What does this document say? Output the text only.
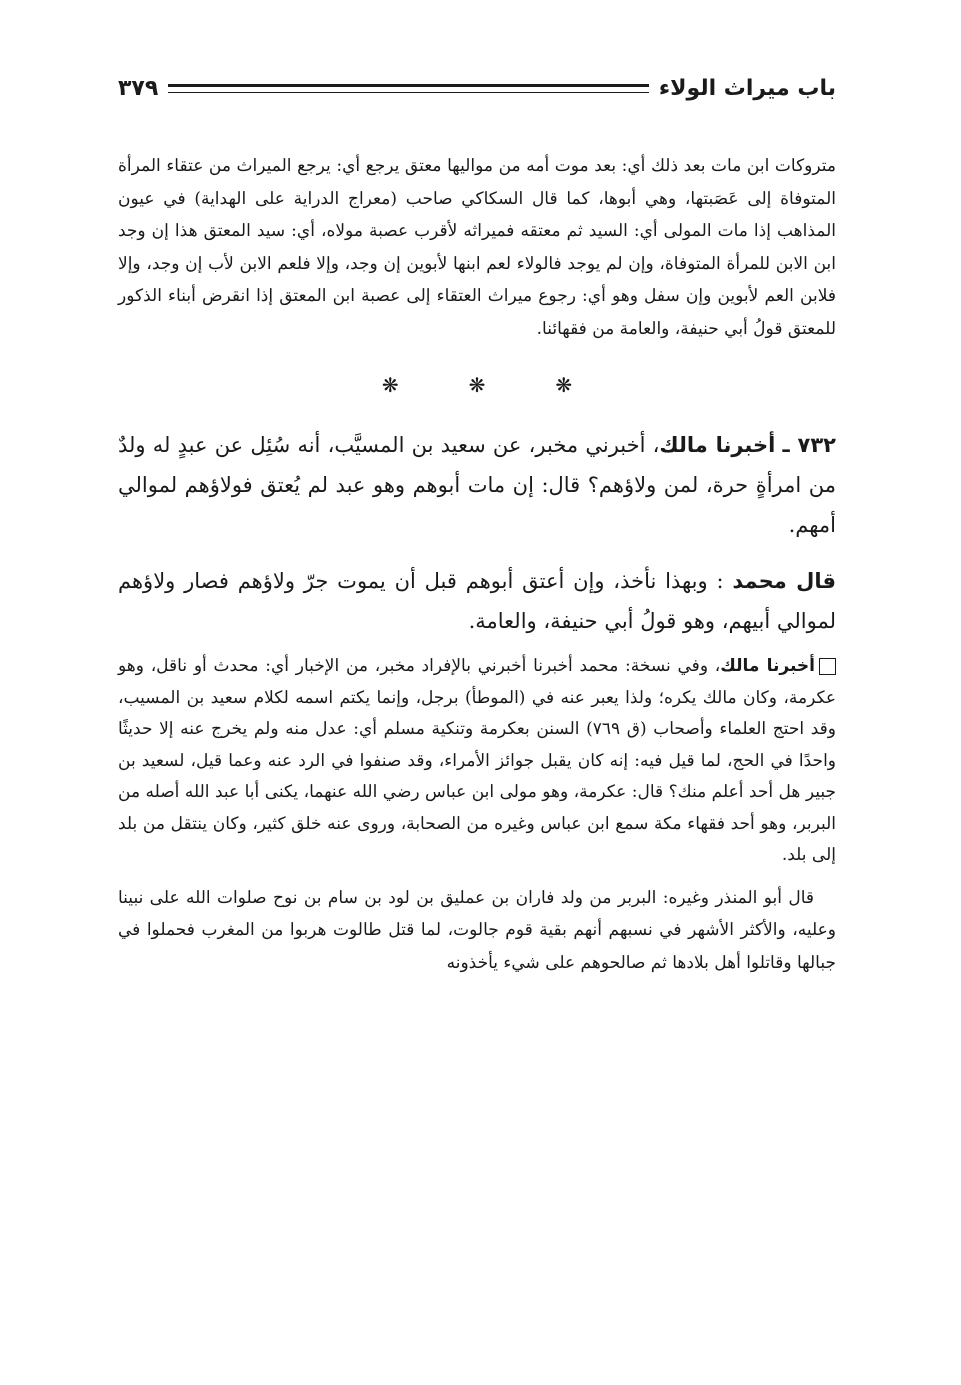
باب ميراث الولاء
٣٧٩

متروكات ابن مات بعد ذلك أي: بعد موت أمه من مواليها معتق يرجع أي: يرجع الميراث من عتقاء المرأة المتوفاة إلى عَصَبتها، وهي أبوها، كما قال السكاكي صاحب (معراج الدراية على الهداية) في عيون المذاهب إذا مات المولى أي: السيد ثم معتقه فميراثه لأقرب عصبة مولاه، أي: سيد المعتق هذا إن وجد ابن الابن للمرأة المتوفاة، وإن لم يوجد فالولاء لعم ابنها لأبوين إن وجد، وإلا فلعم الابن لأب إن وجد، وإلا فلابن العم لأبوين وإن سفل وهو أي: رجوع ميراث العتقاء إلى عصبة ابن المعتق إذا انقرض أبناء الذكور للمعتق قولُ أبي حنيفة، والعامة من فقهائنا.

❋
❋
❋

٧٣٢ ـ أخبرنا مالك، أخبرني مخبر، عن سعيد بن المسيَّب، أنه سُئِل عن عبدٍ له ولدٌ من امرأةٍ حرة، لمن ولاؤهم؟ قال: إن مات أبوهم وهو عبد لم يُعتق فولاؤهم لموالي أمهم.

قال محمد : وبهذا نأخذ، وإن أعتق أبوهم قبل أن يموت جرّ ولاؤهم فصار ولاؤهم لموالي أبيهم، وهو قولُ أبي حنيفة، والعامة.

أخبرنا مالك، وفي نسخة: محمد أخبرنا أخبرني بالإفراد مخبر، من الإخبار أي: محدث أو ناقل، وهو عكرمة، وكان مالك يكره؛ ولذا يعبر عنه في (الموطأ) برجل، وإنما يكتم اسمه لكلام سعيد بن المسيب، وقد احتج العلماء وأصحاب (ق ٧٦٩) السنن بعكرمة وتنكية مسلم أي: عدل منه ولم يخرج عنه إلا حديثًا واحدًا في الحج، لما قيل فيه: إنه كان يقبل جوائز الأمراء، وقد صنفوا في الرد عنه وعما قيل، لسعيد بن جبير هل أحد أعلم منك؟ قال: عكرمة، وهو مولى ابن عباس رضي الله عنهما، يكنى أبا عبد الله أصله من البربر، وهو أحد فقهاء مكة سمع ابن عباس وغيره من الصحابة، وروى عنه خلق كثير، وكان ينتقل من بلد إلى بلد.

قال أبو المنذر وغيره: البربر من ولد فاران بن عمليق بن لود بن سام بن نوح صلوات الله على نبينا وعليه، والأكثر الأشهر في نسبهم أنهم بقية قوم جالوت، لما قتل طالوت هربوا من المغرب فحملوا في جبالها وقاتلوا أهل بلادها ثم صالحوهم على شيء يأخذونه
